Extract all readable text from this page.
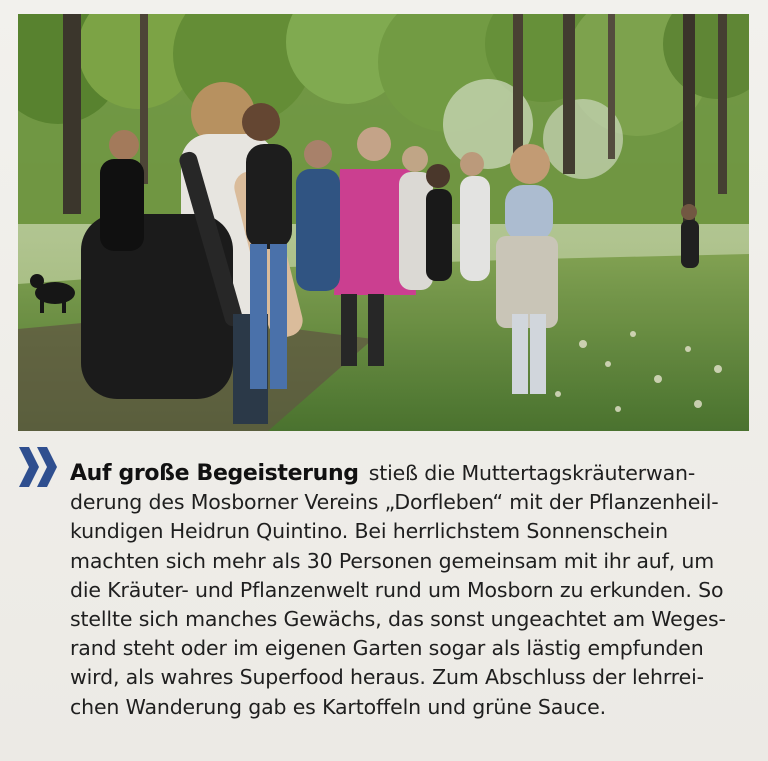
Auf große Begeisterung stieß die Muttertagskräuterwan-
derung des Mosborner Vereins „Dorfleben“ mit der Pflanzenheil-
kundigen Heidrun Quintino. Bei herrlichstem Sonnenschein
machten sich mehr als 30 Personen gemeinsam mit ihr auf, um
die Kräuter- und Pflanzenwelt rund um Mosborn zu erkunden. So
stellte sich manches Gewächs, das sonst ungeachtet am Weges-
rand steht oder im eigenen Garten sogar als lästig empfunden
wird, als wahres Superfood heraus. Zum Abschluss der lehrrei-
chen Wanderung gab es Kartoffeln und grüne Sauce.
